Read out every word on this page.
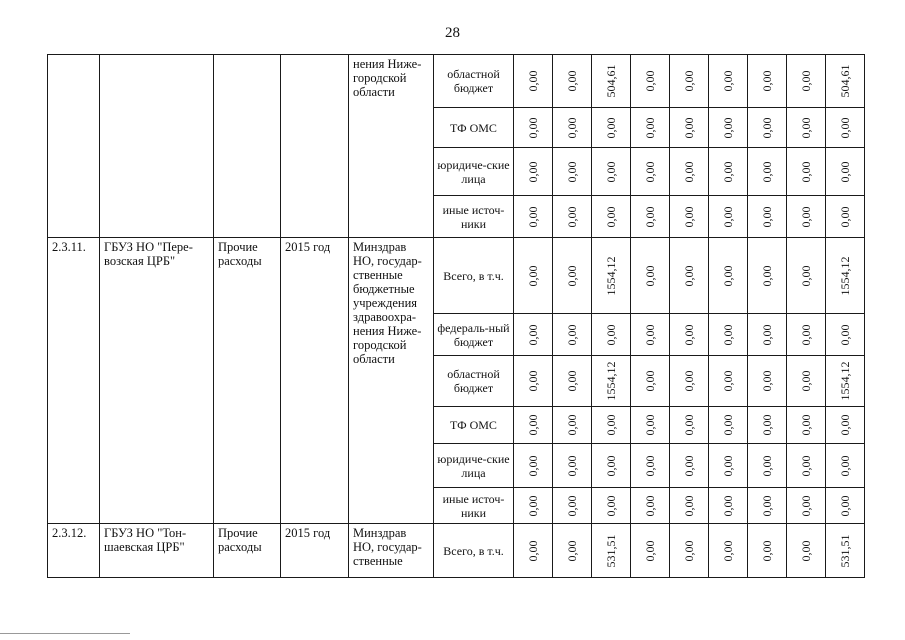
28
				нения Ниже-городской области	областной бюджет	0,00	0,00	504,61	0,00	0,00	0,00	0,00	0,00	504,61

					ТФ ОМС	0,00	0,00	0,00	0,00	0,00	0,00	0,00	0,00	0,00

					юридиче-ские лица	0,00	0,00	0,00	0,00	0,00	0,00	0,00	0,00	0,00

					иные источ-ники	0,00	0,00	0,00	0,00	0,00	0,00	0,00	0,00	0,00

2.3.11.	ГБУЗ НО "Пере-возская ЦРБ"	Прочие расходы	2015 год	Минздрав НО, государ-ственные бюджетные учреждения здравоохра-нения Ниже-городской области	Всего, в т.ч.	0,00	0,00	1554,12	0,00	0,00	0,00	0,00	0,00	1554,12

					федераль-ный бюджет	0,00	0,00	0,00	0,00	0,00	0,00	0,00	0,00	0,00

					областной бюджет	0,00	0,00	1554,12	0,00	0,00	0,00	0,00	0,00	1554,12

					ТФ ОМС	0,00	0,00	0,00	0,00	0,00	0,00	0,00	0,00	0,00

					юридиче-ские лица	0,00	0,00	0,00	0,00	0,00	0,00	0,00	0,00	0,00

					иные источ-ники	0,00	0,00	0,00	0,00	0,00	0,00	0,00	0,00	0,00

2.3.12.	ГБУЗ НО "Тон-шаевская ЦРБ"	Прочие расходы	2015 год	Минздрав НО, государ-ственные	Всего, в т.ч.	0,00	0,00	531,51	0,00	0,00	0,00	0,00	0,00	531,51
